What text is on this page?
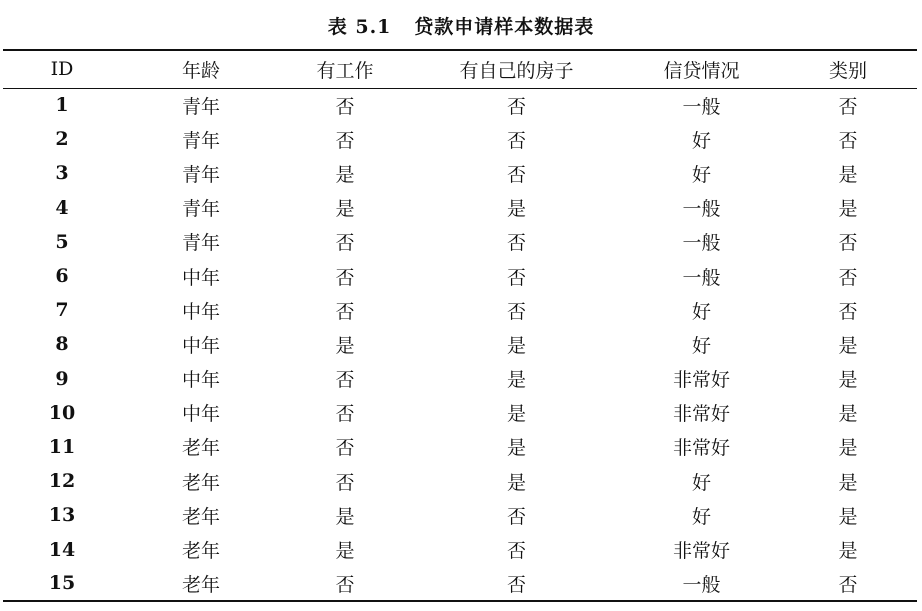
表 5.1   贷款申请样本数据表
ID	年龄	有工作	有自己的房子	信贷情况	类别
1	青年	否	否	一般	否
2	青年	否	否	好	否
3	青年	是	否	好	是
4	青年	是	是	一般	是
5	青年	否	否	一般	否
6	中年	否	否	一般	否
7	中年	否	否	好	否
8	中年	是	是	好	是
9	中年	否	是	非常好	是
10	中年	否	是	非常好	是
11	老年	否	是	非常好	是
12	老年	否	是	好	是
13	老年	是	否	好	是
14	老年	是	否	非常好	是
15	老年	否	否	一般	否
